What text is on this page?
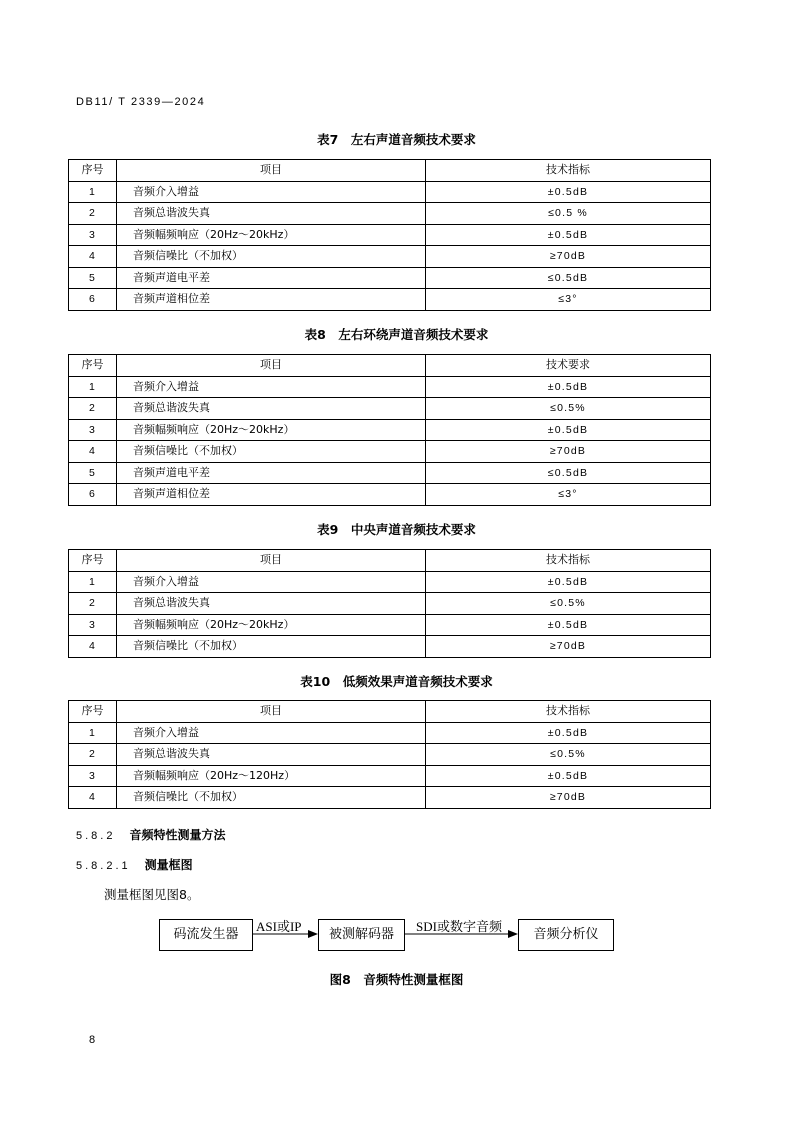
DB11/ T 2339—2024
表7　左右声道音频技术要求
序号	项目	技术指标
1	音频介入增益	±0.5dB
2	音频总谐波失真	≤0.5 %
3	音频幅频响应（20Hz～20kHz）	±0.5dB
4	音频信噪比（不加权）	≥70dB
5	音频声道电平差	≤0.5dB
6	音频声道相位差	≤3°
表8　左右环绕声道音频技术要求
序号	项目	技术要求
1	音频介入增益	±0.5dB
2	音频总谐波失真	≤0.5%
3	音频幅频响应（20Hz～20kHz）	±0.5dB
4	音频信噪比（不加权）	≥70dB
5	音频声道电平差	≤0.5dB
6	音频声道相位差	≤3°
表9　中央声道音频技术要求
序号	项目	技术指标
1	音频介入增益	±0.5dB
2	音频总谐波失真	≤0.5%
3	音频幅频响应（20Hz～20kHz）	±0.5dB
4	音频信噪比（不加权）	≥70dB
表10　低频效果声道音频技术要求
序号	项目	技术指标
1	音频介入增益	±0.5dB
2	音频总谐波失真	≤0.5%
3	音频幅频响应（20Hz～120Hz）	±0.5dB
4	音频信噪比（不加权）	≥70dB
5.8.2 音频特性测量方法
5.8.2.1 测量框图
测量框图见图8。
码流发生器	被测解码器	音频分析仪
ASI或IP	SDI或数字音频
图8　音频特性测量框图
8
